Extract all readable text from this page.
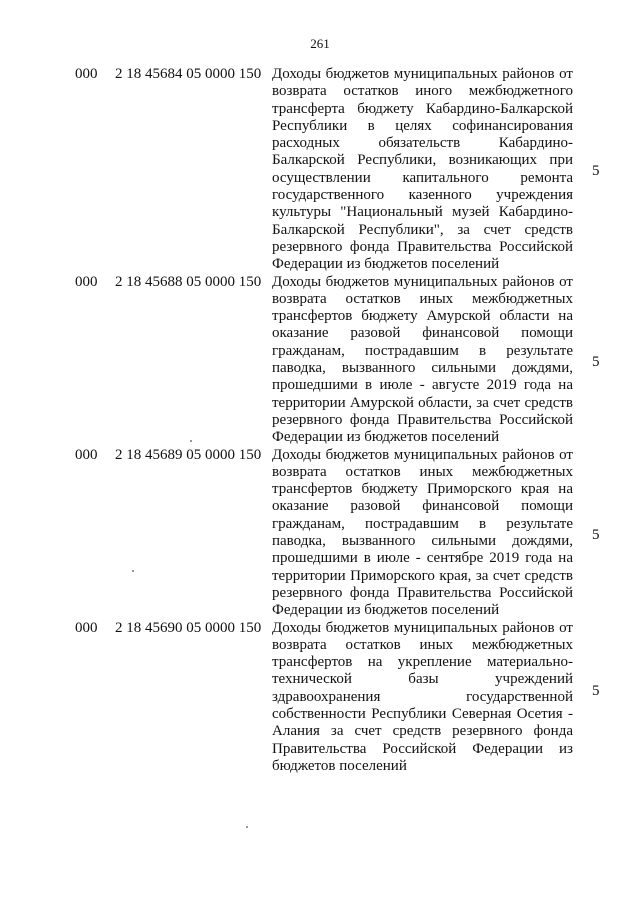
261
000 2 18 45684 05 0000 150 Доходы бюджетов муниципальных районов от возврата остатков иного межбюджетного трансферта бюджету Кабардино-Балкарской Республики в целях софинансирования расходных обязательств Кабардино-Балкарской Республики, возникающих при осуществлении капитального ремонта государственного казенного учреждения культуры "Национальный музей Кабардино-Балкарской Республики", за счет средств резервного фонда Правительства Российской Федерации из бюджетов поселений
5
000 2 18 45688 05 0000 150 Доходы бюджетов муниципальных районов от возврата остатков иных межбюджетных трансфертов бюджету Амурской области на оказание разовой финансовой помощи гражданам, пострадавшим в результате паводка, вызванного сильными дождями, прошедшими в июле - августе 2019 года на территории Амурской области, за счет средств резервного фонда Правительства Российской Федерации из бюджетов поселений
5
000 2 18 45689 05 0000 150 Доходы бюджетов муниципальных районов от возврата остатков иных межбюджетных трансфертов бюджету Приморского края на оказание разовой финансовой помощи гражданам, пострадавшим в результате паводка, вызванного сильными дождями, прошедшими в июле - сентябре 2019 года на территории Приморского края, за счет средств резервного фонда Правительства Российской Федерации из бюджетов поселений
5
000 2 18 45690 05 0000 150 Доходы бюджетов муниципальных районов от возврата остатков иных межбюджетных трансфертов на укрепление материально-технической базы учреждений здравоохранения государственной собственности Республики Северная Осетия - Алания за счет средств резервного фонда Правительства Российской Федерации из бюджетов поселений
5
